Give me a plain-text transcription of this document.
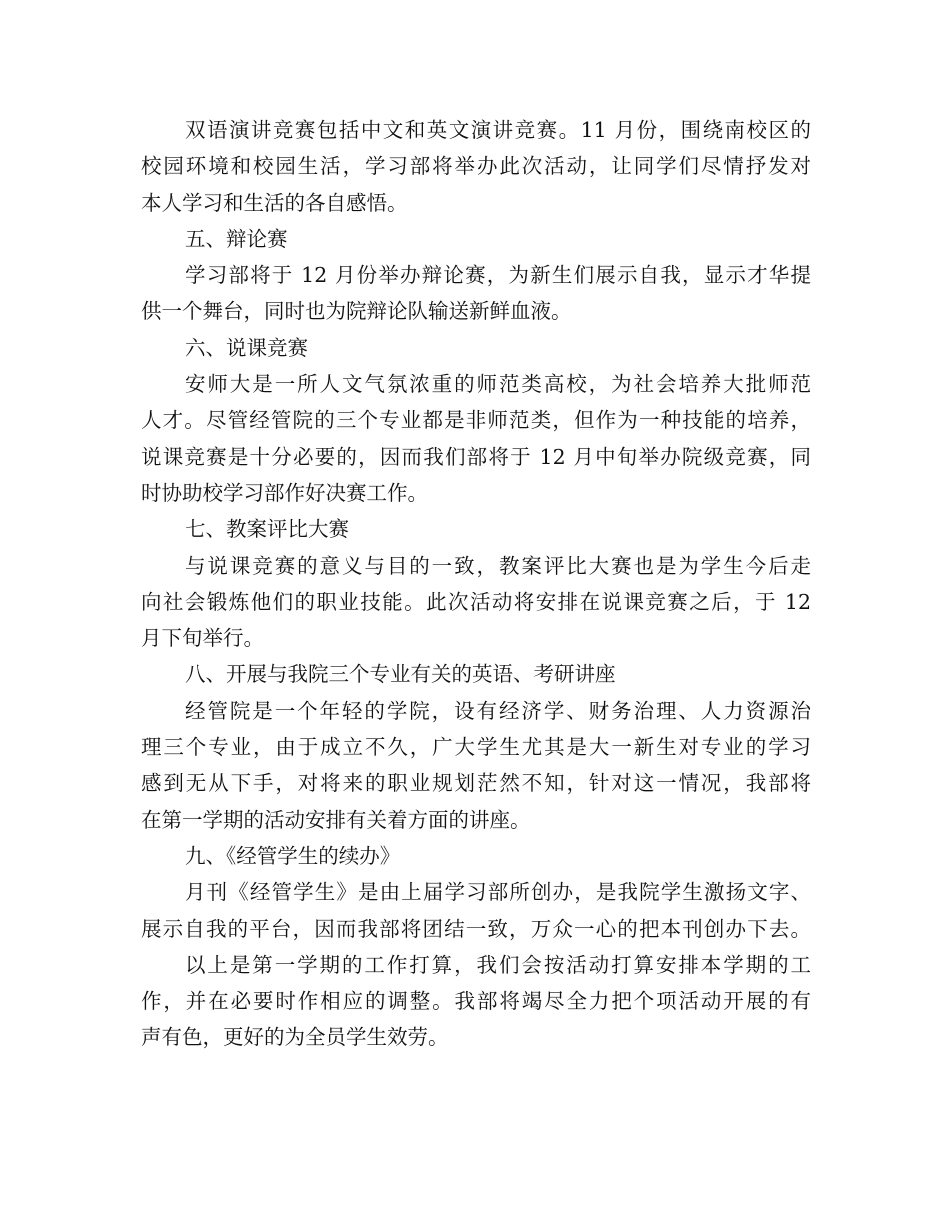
双语演讲竞赛包括中文和英文演讲竞赛。11 月份，围绕南校区的
校园环境和校园生活，学习部将举办此次活动，让同学们尽情抒发对
本人学习和生活的各自感悟。
五、辩论赛
学习部将于 12 月份举办辩论赛，为新生们展示自我，显示才华提
供一个舞台，同时也为院辩论队输送新鲜血液。
六、说课竞赛
安师大是一所人文气氛浓重的师范类高校，为社会培养大批师范
人才。尽管经管院的三个专业都是非师范类，但作为一种技能的培养，
说课竞赛是十分必要的，因而我们部将于 12 月中旬举办院级竞赛，同
时协助校学习部作好决赛工作。
七、教案评比大赛
与说课竞赛的意义与目的一致，教案评比大赛也是为学生今后走
向社会锻炼他们的职业技能。此次活动将安排在说课竞赛之后，于 12
月下旬举行。
八、开展与我院三个专业有关的英语、考研讲座
经管院是一个年轻的学院，设有经济学、财务治理、人力资源治
理三个专业，由于成立不久，广大学生尤其是大一新生对专业的学习
感到无从下手，对将来的职业规划茫然不知，针对这一情况，我部将
在第一学期的活动安排有关着方面的讲座。
九、《经管学生的续办》
月刊《经管学生》是由上届学习部所创办，是我院学生激扬文字、
展示自我的平台，因而我部将团结一致，万众一心的把本刊创办下去。
以上是第一学期的工作打算，我们会按活动打算安排本学期的工
作，并在必要时作相应的调整。我部将竭尽全力把个项活动开展的有
声有色，更好的为全员学生效劳。
